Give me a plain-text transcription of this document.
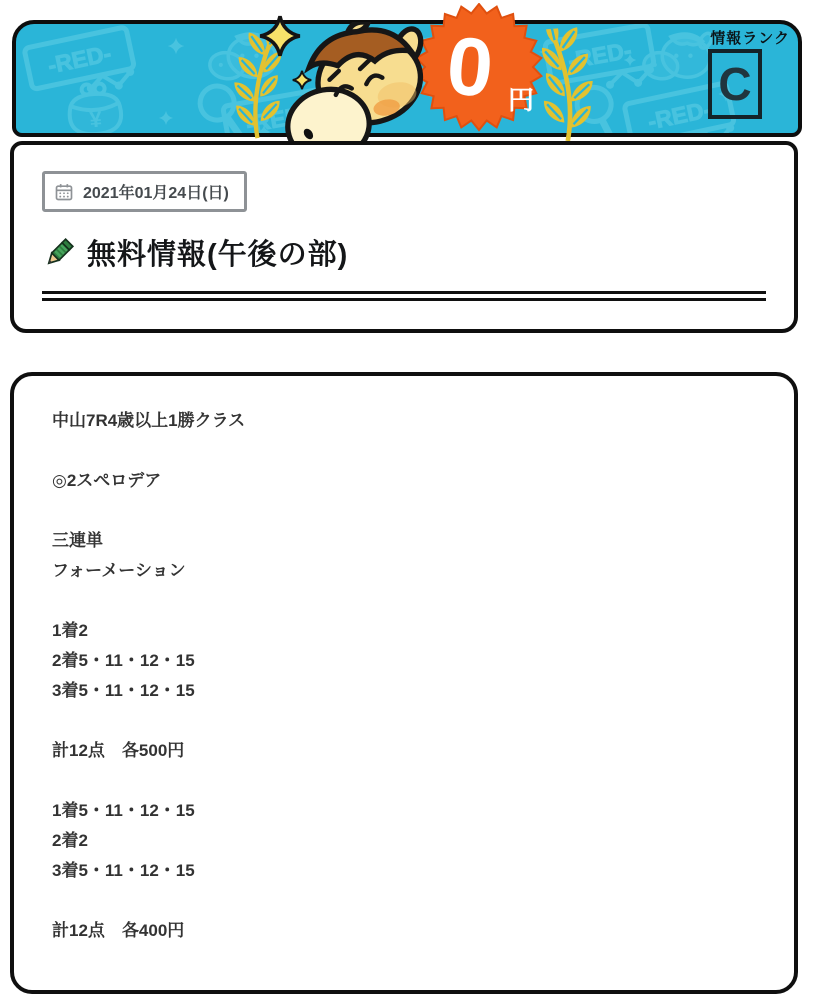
0 円
情報ランク
C
2021年01月24日(日)
無料情報(午後の部)
中山7R4歳以上1勝クラス

◎2スペロデア

三連単
フォーメーション

1着2
2着5・11・12・15
3着5・11・12・15

計12点　各500円

1着5・11・12・15
2着2
3着5・11・12・15

計12点　各400円
